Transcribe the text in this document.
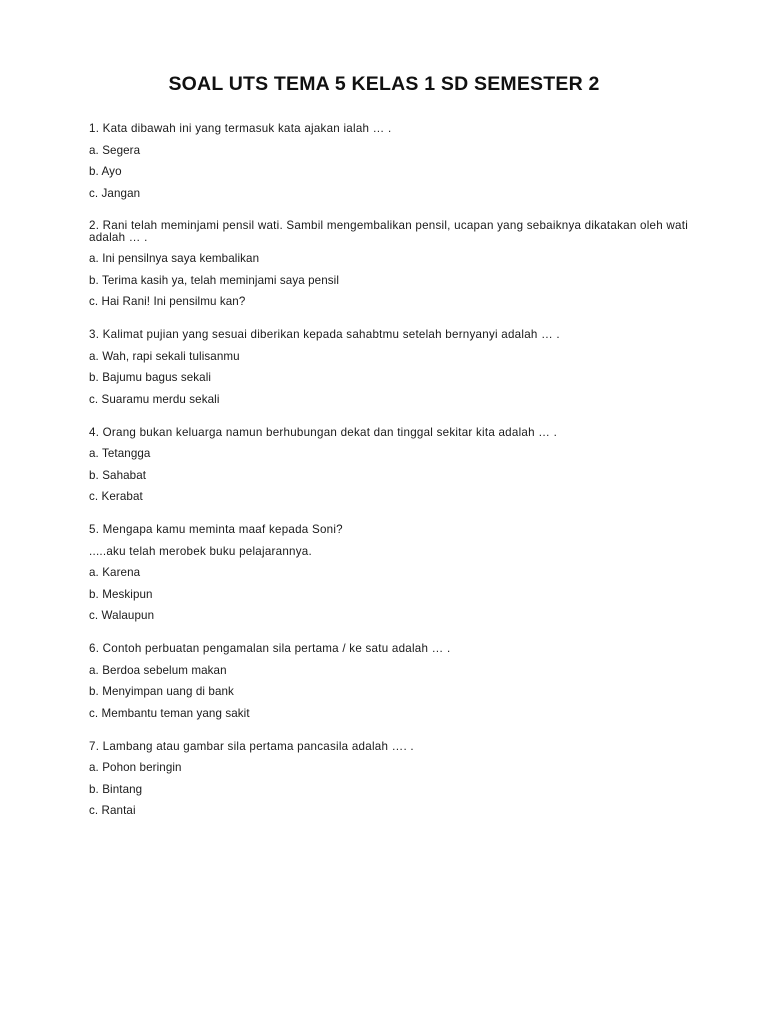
SOAL UTS TEMA 5 KELAS 1 SD SEMESTER 2
1. Kata dibawah ini yang termasuk kata ajakan ialah … .
a. Segera
b. Ayo
c. Jangan
2. Rani telah meminjami pensil wati. Sambil mengembalikan pensil, ucapan yang sebaiknya dikatakan oleh wati adalah … .
a. Ini pensilnya saya kembalikan
b. Terima kasih ya, telah meminjami saya pensil
c. Hai Rani! Ini pensilmu kan?
3. Kalimat pujian yang sesuai diberikan kepada sahabtmu setelah bernyanyi adalah … .
a. Wah, rapi sekali tulisanmu
b. Bajumu bagus sekali
c. Suaramu merdu sekali
4. Orang bukan keluarga namun berhubungan dekat dan tinggal sekitar kita adalah … .
a. Tetangga
b. Sahabat
c. Kerabat
5. Mengapa kamu meminta maaf kepada Soni?
.....aku telah merobek buku pelajarannya.
a. Karena
b. Meskipun
c. Walaupun
6. Contoh perbuatan pengamalan sila pertama / ke satu adalah … .
a. Berdoa sebelum makan
b. Menyimpan uang di bank
c. Membantu teman yang sakit
7. Lambang atau gambar sila pertama pancasila adalah …. .
a. Pohon beringin
b. Bintang
c. Rantai
